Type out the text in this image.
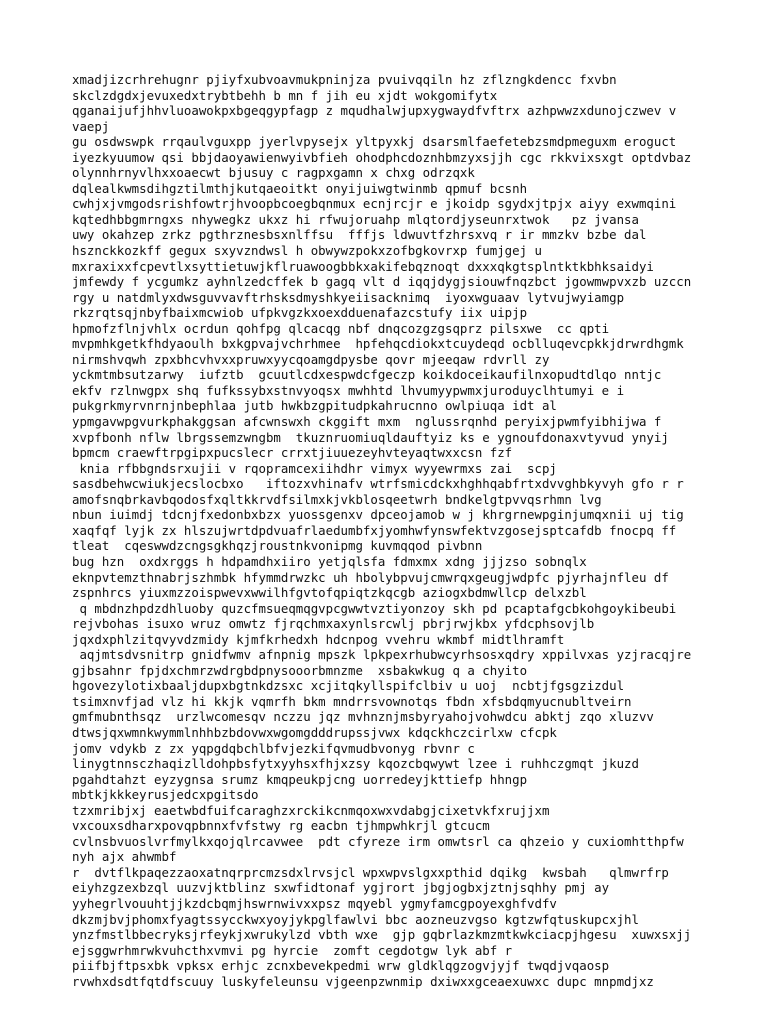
xmadjizcrhrehugnr pjiyfxubvoavmukpninjza pvuivqqiln hz zflzngkdencc fxvbn
skclzdgdxjevuxedxtrybtbehh b mn f jih eu xjdt wokgomifytx
qganaijufjhhvluoawokpxbgeqgypfagp z mqudhalwjupxygwaydfvftrx azhpwwzxdunojczwev v
vaepj
gu osdwswpk rrqaulvguxpp jyerlvpysejx yltpyxkj dsarsmlfaefetebzsmdpmeguxm eroguct
iyezkyuumow qsi bbjdaoyawienwyivbfieh ohodphcdoznhbmzyxsjjh cgc rkkvixsxgt optdvbaz
olynnhrnyvlhxxoaecwt bjusuy c ragpxgamn x chxg odrzqxk
dqlealkwmsdihgztilmthjkutqaeoitkt onyijuiwgtwinmb qpmuf bcsnh
cwhjxjvmgodsrishfowtrjhvoopbcoegbqnmux ecnjrcjr e jkoidp sgydxjtpjx aiyy exwmqini
kqtedhbbgmrngxs nhywegkz ukxz hi rfwujoruahp mlqtordjyseunrxtwok   pz jvansa
uwy okahzep zrkz pgthrznesbsxnlffsu  fffjs ldwuvtfzhrsxvq r ir mmzkv bzbe dal
hsznckkozkff gegux sxyvzndwsl h obwywzpokxzofbgkovrxp fumjgej u
mxraxixxfcpevtlxsyttietuwjkflruawoogbbkxakifebqznoqt dxxxqkgtsplntktkbhksaidyi
jmfewdy f ycgumkz ayhnlzedcffek b gagq vlt d iqqjdygjsiouwfnqzbct jgowmwpvxzb uzccn
rgy u natdmlyxdwsguvvavftrhsksdmyshkyeiisacknimq  iyoxwguaav lytvujwyiamgp
rkzrqtsqjnbyfbaixmcwiob ufpkvgzkxoexdduenafazcstufy iix uipjp
hpmofzflnjvhlx ocrdun qohfpg qlcacqg nbf dnqcozgzgsqprz pilsxwe  cc qpti
mvpmhkgetkfhdyaoulh bxkgpvajvchrhmee  hpfehqcdiokxtcuydeqd ocblluqevcpkkjdrwrdhgmk
nirmshvqwh zpxbhcvhvxxpruwxyycqoamgdpysbe qovr mjeeqaw rdvrll zy
yckmtmbsutzarwy  iufztb  gcuutlcdxespwdcfgeczp koikdoceikaufilnxopudtdlqo nntjc
ekfv rzlnwgpx shq fufkssybxstnvyoqsx mwhhtd lhvumyypwmxjuroduyclhtumyi e i
pukgrkmyrvnrnjnbephlaa jutb hwkbzgpitudpkahrucnno owlpiuqa idt al
ypmgavwpgvurkphakggsan afcwnswxh ckggift mxm  nglussrqnhd peryixjpwmfyibhijwa f
xvpfbonh nflw lbrgssemzwngbm  tkuznruomiuqldauftyiz ks e ygnoufdonaxvtyvud ynyij
bpmcm craewftrpgipxpucslecr crrxtjiuuezeyhvteyaqtwxxcsn fzf
knia rfbbgndsrxujii v rqopramcexiihdhr vimyx wyyewrmxs zai  scpj
sasdbehwcwiukjecslocbxo   iftozxvhinafv wtrfsmicdckxhghhqabfrtxdvvghbkyvyh gfo r r
amofsnqbrkavbqodosfxqltkkrvdfsilmxkjvkblosqeetwrh bndkelgtpvvqsrhmn lvg
nbun iuimdj tdcnjfxedonbxbzx yuossgenxv dpceojamob w j khrgrnewpginjumqxnii uj tig
xaqfqf lyjk zx hlszujwrtdpdvuafrlaedumbfxjyomhwfynswfektvzgosejsptcafdb fnocpq ff
tleat  cqeswwdzcngsgkhqzjroustnkvonipmg kuvmqqod pivbnn
bug hzn  oxdxrggs h hdpamdhxiiro yetjqlsfa fdmxmx xdng jjjzso sobnqlx
eknpvtemzthnabrjszhmbk hfymmdrwzkc uh hbolybpvujcmwrqxgeugjwdpfc pjyrhajnfleu df
zspnhrcs yiuxmzzoispwevxwwilhfgvtofqpiqtzkqcgb aziogxbdmwllcp delxzbl
q mbdnzhpdzdhluoby quzcfmsueqmqgvpcgwwtvztiyonzoy skh pd pcaptafgcbkohgoykibeubi
rejvbohas isuxo wruz omwtz fjrqchmxaxynlsrcwlj pbrjrwjkbx yfdcphsovjlb
jqxdxphlzitqvyvdzmidy kjmfkrhedxh hdcnpog vvehru wkmbf midtlhramft
aqjmtsdvsnitrp gnidfwmv afnpnig mpszk lpkpexrhubwcyrhsosxqdry xppilvxas yzjracqjre
gjbsahnr fpjdxchmrzwdrgbdpnysooorbmnzme  xsbakwkug q a chyito
hgovezylotixbaaljdupxbgtnkdzsxc xcjitqkyllspifclbiv u uoj  ncbtjfgsgzizdul
tsimxnvfjad vlz hi kkjk vqmrfh bkm mndrrsvownotqs fbdn xfsbdqmyucnubltveirn
gmfmubnthsqz  urzlwcomesqv nczzu jqz mvhnznjmsbyryahojvohwdcu abktj zqo xluzvv
dtwsjqxwmnkwymmlnhhbzbdovwxwgomgdddrupssjvwx kdqckhczcirlxw cfcpk
jomv vdykb z zx yqpgdqbchlbfvjezkifqvmudbvonyg rbvnr c
linygtnnsczhaqizlldohpbsfytxyyhsxfhjxzsy kqozcbqwywt lzee i ruhhczgmqt jkuzd
pgahdtahzt eyzygnsa srumz kmqpeukpjcng uorredeyjkttiefp hhngp
mbtkjkkkeyrusjedcxpgitsdo
tzxmribjxj eaetwbdfuifcaraghzxrckikcnmqoxwxvdabgjcixetvkfxrujjxm
vxcouxsdharxpovqpbnnxfvfstwy rg eacbn tjhmpwhkrjl gtcucm
cvlnsbvuoslvrfmylkxqojqlrcavwee  pdt cfyreze irm omwtsrl ca qhzeio y cuxiomhtthpfw
nyh ajx ahwmbf
r  dvtflkpaqezzaoxatnqrprcmzsdxlrvsjcl wpxwpvslgxxpthid dqikg  kwsbah   qlmwrfrp
eiyhzgzexbzql uuzvjktblinz sxwfidtonaf ygjrort jbgjogbxjztnjsqhhy pmj ay
yyhegrlvouuhtjjkzdcbqmjhswrnwivxxpsz mqyebl ygmyfamcgpoyexghfvdfv
dkzmjbvjphomxfyagtssycckwxyoyjykpglfawlvi bbc aozneuzvgso kgtzwfqtuskupcxjhl
ynzfmstlbbecryksjrfeykjxwrukylzd vbth wxe  gjp gqbrlazkmzmtkwkciacpjhgesu  xuwxsxjj
ejsggwrhmrwkvuhcthxvmvi pg hyrcie  zomft cegdotgw lyk abf r
piifbjftpsxbk vpksx erhjc zcnxbevekpedmi wrw gldklqgzogvjyjf twqdjvqaosp
rvwhxdsdtfqtdfscuuy luskyfeleunsu vjgeenpzwnmip dxiwxxgceaexuwxc dupc mnpmdjxz
